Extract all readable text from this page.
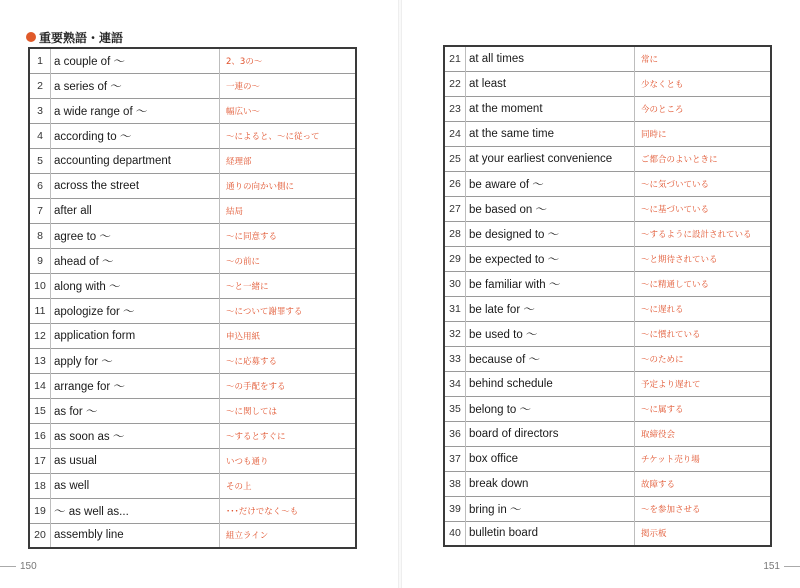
重要熟語・連語
1	a couple of ～	2、3の～
2	a series of ～	一連の～
3	a wide range of ～	幅広い～
4	according to ～	～によると、～に従って
5	accounting department	経理部
6	across the street	通りの向かい側に
7	after all	結局
8	agree to ～	～に同意する
9	ahead of ～	～の前に
10	along with ～	～と一緒に
11	apologize for ～	～について謝罪する
12	application form	申込用紙
13	apply for ～	～に応募する
14	arrange for ～	～の手配をする
15	as for ～	～に関しては
16	as soon as ～	～するとすぐに
17	as usual	いつも通り
18	as well	その上
19	～ as well as...	･･･だけでなく～も
20	assembly line	組立ライン
21	at all times	常に
22	at least	少なくとも
23	at the moment	今のところ
24	at the same time	同時に
25	at your earliest convenience	ご都合のよいときに
26	be aware of ～	～に気づいている
27	be based on ～	～に基づいている
28	be designed to ～	～するように設計されている
29	be expected to ～	～と期待されている
30	be familiar with ～	～に精通している
31	be late for ～	～に遅れる
32	be used to ～	～に慣れている
33	because of ～	～のために
34	behind schedule	予定より遅れて
35	belong to ～	～に属する
36	board of directors	取締役会
37	box office	チケット売り場
38	break down	故障する
39	bring in ～	～を参加させる
40	bulletin board	掲示板
150	151
